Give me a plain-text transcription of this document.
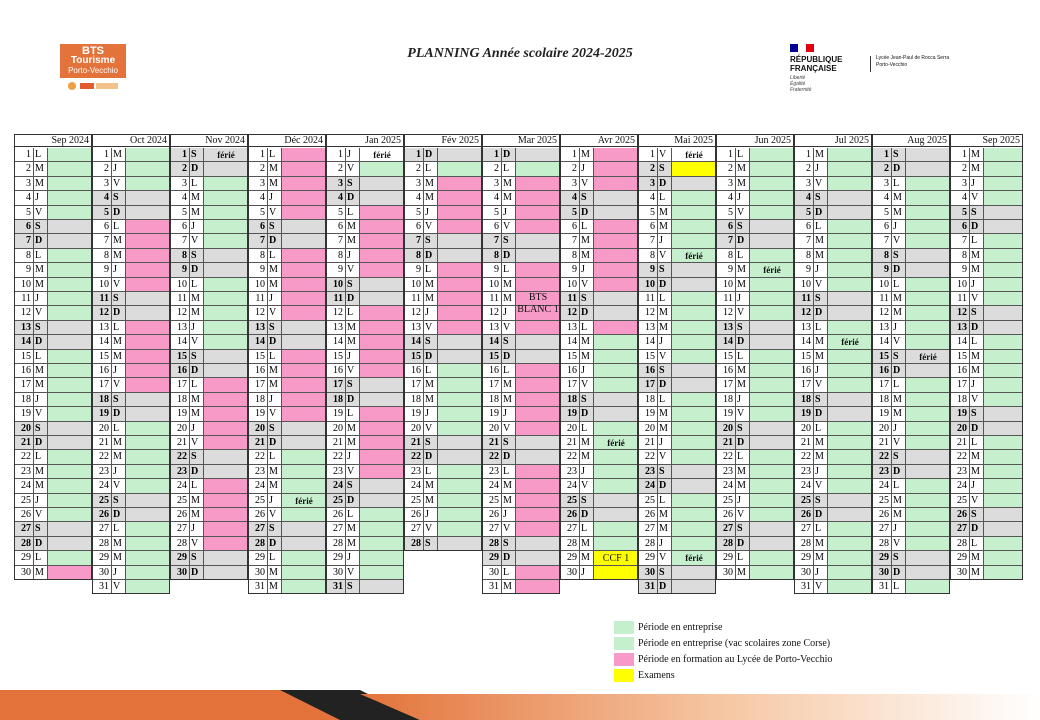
BTS
Tourisme
Porto-Vecchio
PLANNING Année scolaire 2024-2025	RÉPUBLIQUE
FRANÇAISE
Liberté
Égalité
Fraternité
Lycée Jean-Paul de Rocca Serra
Porto-Vecchio
Sep 2024
1 L
2 M
3 M
4 J
5 V
6 S
7 D
8 L
9 M
10 M
11 J
12 V
13 S
14 D
15 L
16 M
17 M
18 J
19 V
20 S
21 D
22 L
23 M
24 M
25 J
26 V
27 S
28 D
29 L
30 M
Oct 2024
1 M
2 J
3 V
4 S
5 D
6 L
7 M
8 M
9 J
10 V
11 S
12 D
13 L
14 M
15 M
16 J
17 V
18 S
19 D
20 L
21 M
22 M
23 J
24 V
25 S
26 D
27 L
28 M
29 M
30 J
31 V
Nov 2024
1 S
2 D
3 L
4 M
5 M
6 J
7 V
8 S
9 D
10 L
11 M
12 M
13 J
14 V
15 S
16 D
17 L
18 M
19 M
20 J
21 V
22 S
23 D
24 L
25 M
26 M
27 J
28 V
29 S
30 D
férié
Déc 2024
1 L
2 M
3 M
4 J
5 V
6 S
7 D
8 L
9 M
10 M
11 J
12 V
13 S
14 D
15 L
16 M
17 M
18 J
19 V
20 S
21 D
22 L
23 M
24 M
25 J
26 V
27 S
28 D
29 L
30 M
31 M
férié
Jan 2025
1 J
2 V
3 S
4 D
5 L
6 M
7 M
8 J
9 V
10 S
11 D
12 L
13 M
14 M
15 J
16 V
17 S
18 D
19 L
20 M
21 M
22 J
23 V
24 S
25 D
26 L
27 M
28 M
29 J
30 V
31 S
férié
Fév 2025
1 D
2 L
3 M
4 M
5 J
6 V
7 S
8 D
9 L
10 M
11 M
12 J
13 V
14 S
15 D
16 L
17 M
18 M
19 J
20 V
21 S
22 D
23 L
24 M
25 M
26 J
27 V
28 S
Mar 2025
1 D
2 L
3 M
4 M
5 J
6 V
7 S
8 D
9 L
10 M
11 M
12 J
13 V
14 S
15 D
16 L
17 M
18 M
19 J
20 V
21 S
22 D
23 L
24 M
25 M
26 J
27 V
28 S
29 D
30 L
31 M
Avr 2025
1 M
2 J
3 V
4 S
5 D
6 L
7 M
8 M
9 J
10 V
11 S
12 D
13 L
14 M
15 M
16 J
17 V
18 S
19 D
20 L
21 M
22 M
23 J
24 V
25 S
26 D
27 L
28 M
29 M
30 J
férié
Mai 2025
1 V
2 S
3 D
4 L
5 M
6 M
7 J
8 V
9 S
10 D
11 L
12 M
13 M
14 J
15 V
16 S
17 D
18 L
19 M
20 M
21 J
22 V
23 S
24 D
25 L
26 M
27 M
28 J
29 V
30 S
31 D
férié
férié
férié
Jun 2025
1 L
2 M
3 M
4 J
5 V
6 S
7 D
8 L
9 M
10 M
11 J
12 V
13 S
14 D
15 L
16 M
17 M
18 J
19 V
20 S
21 D
22 L
23 M
24 M
25 J
26 V
27 S
28 D
29 L
30 M
férié
Jul 2025
1 M
2 J
3 V
4 S
5 D
6 L
7 M
8 M
9 J
10 V
11 S
12 D
13 L
14 M
15 M
16 J
17 V
18 S
19 D
20 L
21 M
22 M
23 J
24 V
25 S
26 D
27 L
28 M
29 M
30 J
31 V
férié
Aug 2025
1 S
2 D
3 L
4 M
5 M
6 J
7 V
8 S
9 D
10 L
11 M
12 M
13 J
14 V
15 S
16 D
17 L
18 M
19 M
20 J
21 V
22 S
23 D
24 L
25 M
26 M
27 J
28 V
29 S
30 D
31 L
férié
Sep 2025
1 M
2 M
3 J
4 V
5 S
6 D
7 L
8 M
9 M
10 J
11 V
12 S
13 D
14 L
15 M
16 M
17 J
18 V
19 S
20 D
21 L
22 M
23 M
24 J
25 V
26 S
27 D
28 L
29 M
30 M
BTS BLANC 1
CCF 1
Période en entreprise
Période en entreprise (vac scolaires zone Corse)
Période en formation au Lycée de Porto-Vecchio
Examens
